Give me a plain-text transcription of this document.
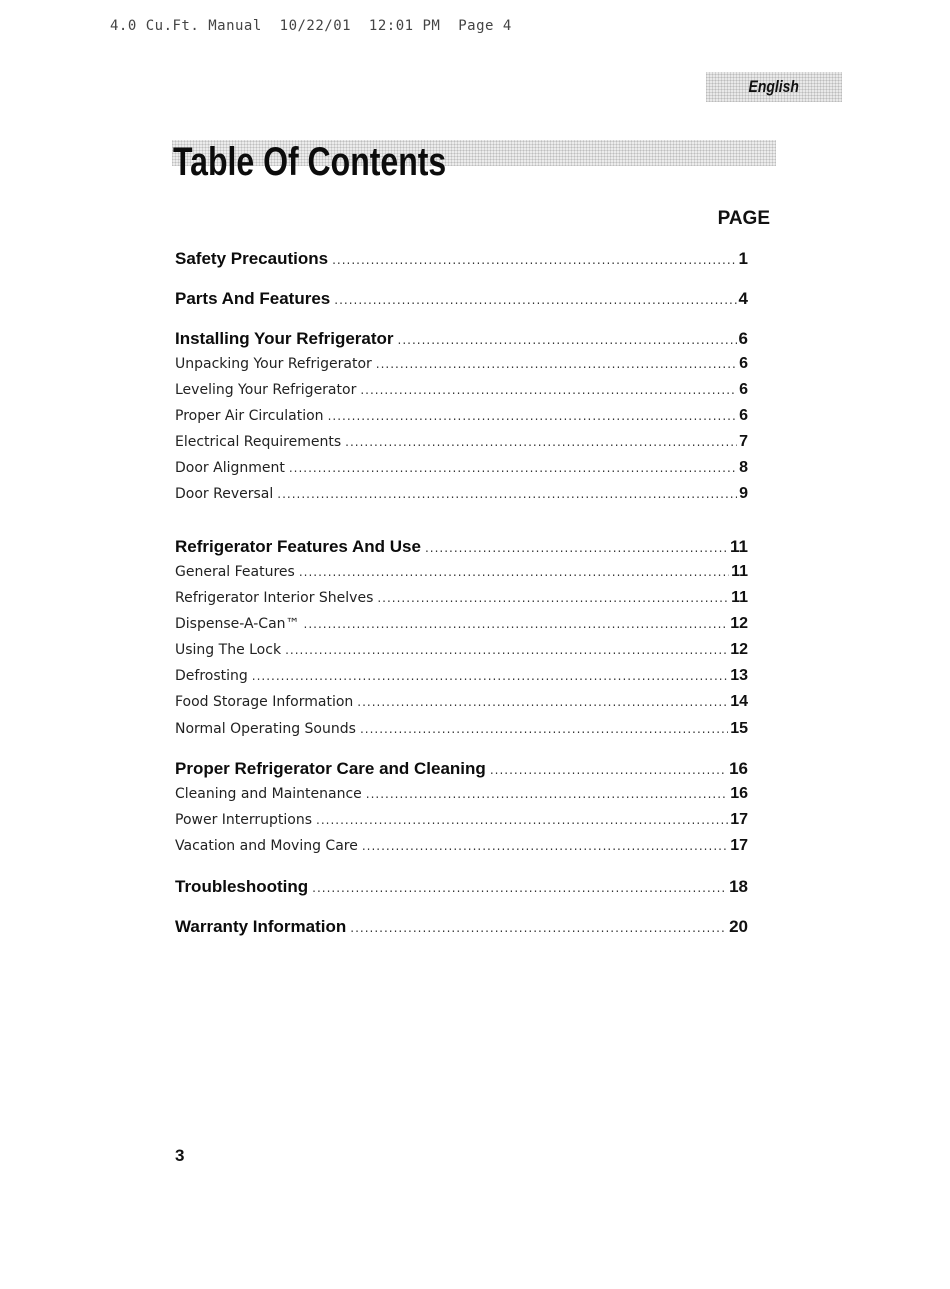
4.0 Cu.Ft. Manual  10/22/01  12:01 PM  Page 4
English
Table Of Contents
PAGE
Safety Precautions .....	1
Parts And Features .....	4
Installing Your Refrigerator .....	6
Unpacking Your Refrigerator .....	6
Leveling Your Refrigerator .....	6
Proper Air Circulation .....	6
Electrical Requirements .....	7
Door Alignment .....	8
Door Reversal .....	9
Refrigerator Features And Use .....	11
General Features .....	11
Refrigerator Interior Shelves .....	11
Dispense-A-Can™ .....	12
Using The Lock .....	12
Defrosting .....	13
Food Storage Information .....	14
Normal Operating Sounds .....	15
Proper Refrigerator Care and Cleaning .....	16
Cleaning and Maintenance .....	16
Power Interruptions .....	17
Vacation and Moving Care .....	17
Troubleshooting .....	18
Warranty Information .....	20
3
